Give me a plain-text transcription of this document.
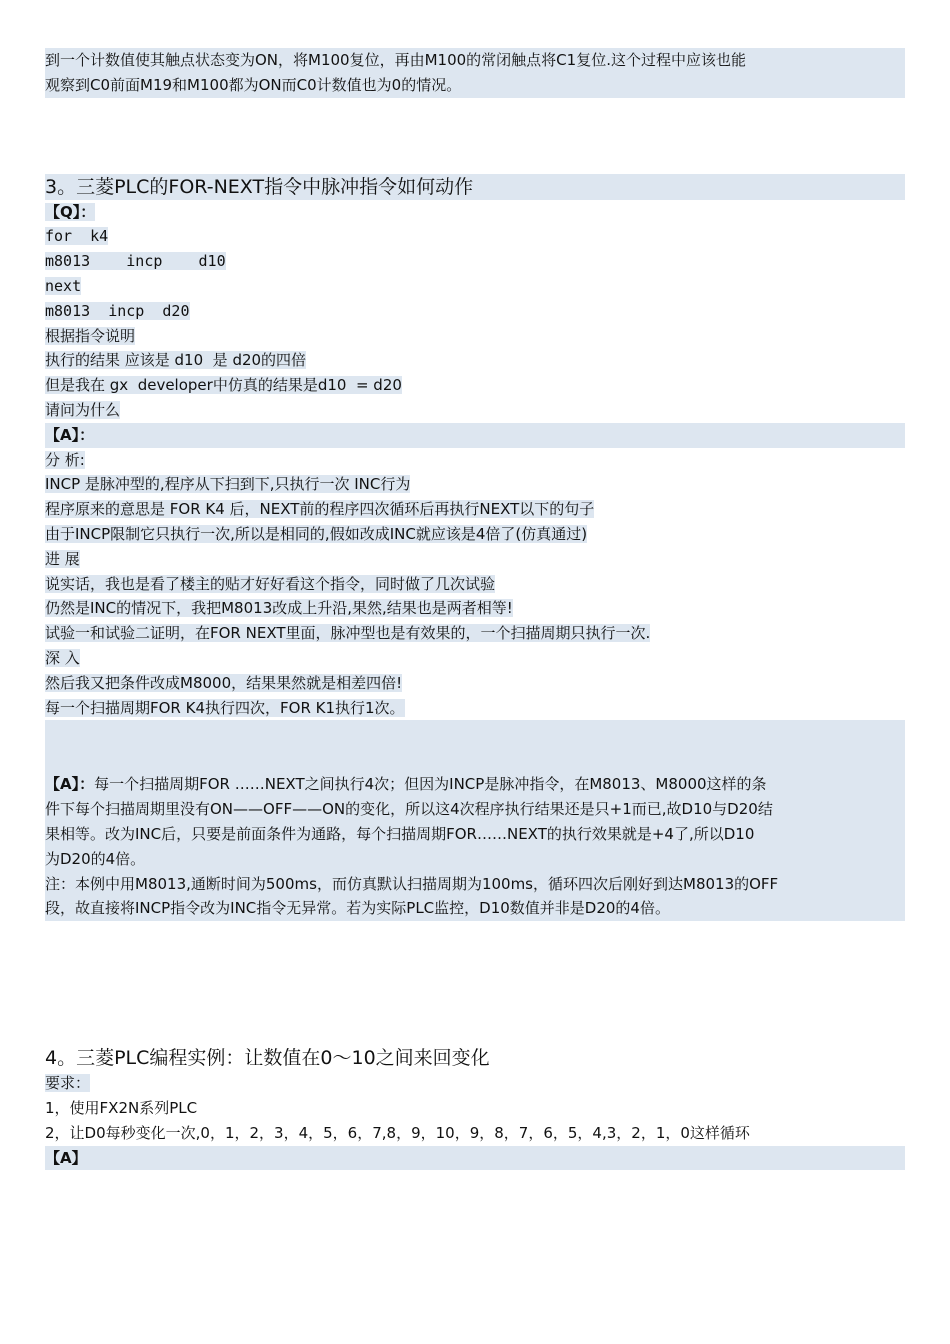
到一个计数值使其触点状态变为ON，将M100复位，再由M100的常闭触点将C1复位.这个过程中应该也能
观察到C0前面M19和M100都为ON而C0计数值也为0的情况。
3。三菱PLC的FOR-NEXT指令中脉冲指令如何动作
【Q】：
for  k4
m8013    incp    d10
next
m8013  incp  d20
根据指令说明
执行的结果 应该是 d10  是 d20的四倍
但是我在 gx  developer中仿真的结果是d10  = d20
请问为什么
【A】：
分 析:
INCP 是脉冲型的,程序从下扫到下,只执行一次 INC行为
程序原来的意思是 FOR K4 后，NEXT前的程序四次循环后再执行NEXT以下的句子
由于INCP限制它只执行一次,所以是相同的,假如改成INC就应该是4倍了(仿真通过)
进 展
说实话，我也是看了楼主的贴才好好看这个指令，同时做了几次试验
仍然是INC的情况下，我把M8013改成上升沿,果然,结果也是两者相等!
试验一和试验二证明，在FOR NEXT里面，脉冲型也是有效果的，一个扫描周期只执行一次.
深 入
然后我又把条件改成M8000，结果果然就是相差四倍!
每一个扫描周期FOR K4执行四次，FOR K1执行1次。
【A】：每一个扫描周期FOR ……NEXT之间执行4次；但因为INCP是脉冲指令，在M8013、M8000这样的条
件下每个扫描周期里没有ON——OFF——ON的变化，所以这4次程序执行结果还是只+1而已,故D10与D20结
果相等。改为INC后，只要是前面条件为通路，每个扫描周期FOR……NEXT的执行效果就是+4了,所以D10
为D20的4倍。
注：本例中用M8013,通断时间为500ms，而仿真默认扫描周期为100ms，循环四次后刚好到达M8013的OFF
段，故直接将INCP指令改为INC指令无异常。若为实际PLC监控，D10数值并非是D20的4倍。
4。三菱PLC编程实例：让数值在0～10之间来回变化
要求：
1，使用FX2N系列PLC
2，让D0每秒变化一次,0，1，2，3，4，5，6，7,8，9，10，9，8，7，6，5，4,3，2，1，0这样循环
【A】
